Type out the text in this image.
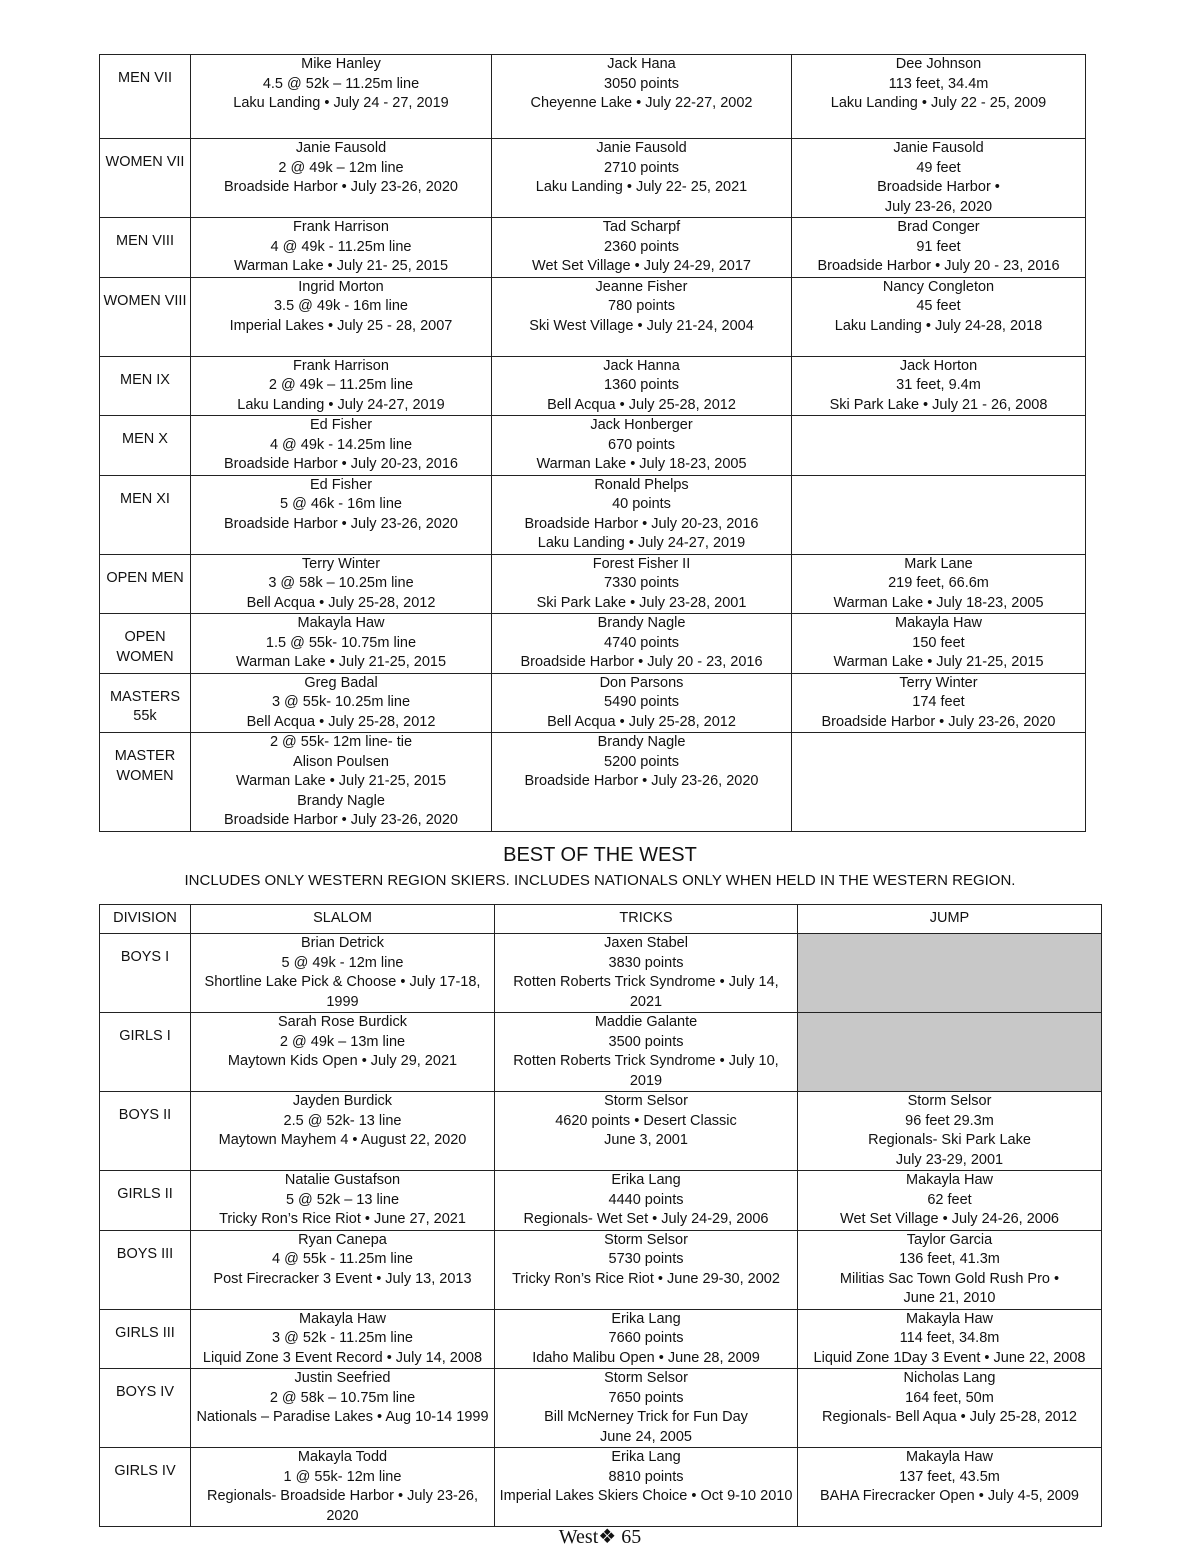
MEN VII	Mike Hanley
4.5 @ 52k – 11.25m line
Laku Landing • July 24 - 27, 2019	Jack Hana
3050 points
Cheyenne Lake • July 22-27, 2002	Dee Johnson
113 feet, 34.4m
Laku Landing • July 22 - 25, 2009
WOMEN VII	Janie Fausold
2 @ 49k – 12m line
Broadside Harbor • July 23-26, 2020	Janie Fausold
2710 points
Laku Landing • July 22- 25, 2021	Janie Fausold
49 feet
Broadside Harbor •
July 23-26, 2020
MEN VIII	Frank Harrison
4 @ 49k - 11.25m line
Warman Lake • July 21- 25, 2015	Tad Scharpf
2360 points
Wet Set Village • July 24-29, 2017	Brad Conger
91 feet
Broadside Harbor • July 20 - 23, 2016
WOMEN VIII	Ingrid Morton
3.5 @ 49k - 16m line
Imperial Lakes • July 25 - 28, 2007	Jeanne Fisher
780 points
Ski West Village • July 21-24, 2004	Nancy Congleton
45 feet
Laku Landing • July 24-28, 2018
MEN IX	Frank Harrison
2 @ 49k – 11.25m line
Laku Landing • July 24-27, 2019	Jack Hanna
1360 points
Bell Acqua • July 25-28, 2012	Jack Horton
31 feet, 9.4m
Ski Park Lake • July 21 - 26, 2008
MEN X	Ed Fisher
4 @ 49k - 14.25m line
Broadside Harbor • July 20-23, 2016	Jack Honberger
670 points
Warman Lake • July 18-23, 2005	
MEN XI	Ed Fisher
5 @ 46k - 16m line
Broadside Harbor • July 23-26, 2020	Ronald Phelps
40 points
Broadside Harbor • July 20-23, 2016
Laku Landing • July 24-27, 2019	
OPEN MEN	Terry Winter
3 @ 58k – 10.25m line
Bell Acqua • July 25-28, 2012	Forest Fisher II
7330 points
Ski Park Lake • July 23-28, 2001	Mark Lane
219 feet, 66.6m
Warman Lake • July 18-23, 2005
OPEN
WOMEN	Makayla Haw
1.5 @ 55k- 10.75m line
Warman Lake • July 21-25, 2015	Brandy Nagle
4740 points
Broadside Harbor • July 20 - 23, 2016	Makayla Haw
150 feet
Warman Lake • July 21-25, 2015
MASTERS 55k	Greg Badal
3 @ 55k- 10.25m line
Bell Acqua • July 25-28, 2012	Don Parsons
5490 points
Bell Acqua • July 25-28, 2012	Terry Winter
174 feet
Broadside Harbor • July 23-26, 2020
MASTER
WOMEN	2 @ 55k- 12m line- tie
Alison Poulsen
Warman Lake • July 21-25, 2015
Brandy Nagle
Broadside Harbor • July 23-26, 2020	Brandy Nagle
5200 points
Broadside Harbor • July 23-26, 2020	
BEST OF THE WEST
INCLUDES ONLY WESTERN REGION SKIERS. INCLUDES NATIONALS ONLY WHEN HELD IN THE WESTERN REGION.
DIVISION	SLALOM	TRICKS	JUMP
BOYS I	Brian Detrick
5 @ 49k - 12m line
Shortline Lake Pick & Choose • July 17-18,
1999	Jaxen Stabel
3830 points
Rotten Roberts Trick Syndrome • July 14, 2021	
GIRLS I	Sarah Rose Burdick
2 @ 49k – 13m line
Maytown Kids Open • July 29, 2021	Maddie Galante
3500 points
Rotten Roberts Trick Syndrome • July 10, 2019	
BOYS II	Jayden Burdick
2.5 @ 52k- 13 line
Maytown Mayhem 4 • August 22, 2020	Storm Selsor
4620 points • Desert Classic
June 3, 2001	Storm Selsor
96 feet 29.3m
Regionals- Ski Park Lake
July 23-29, 2001
GIRLS II	Natalie Gustafson
5 @ 52k – 13 line
Tricky Ron’s Rice Riot • June 27, 2021	Erika Lang
4440 points
Regionals- Wet Set • July 24-29, 2006	Makayla Haw
62 feet
Wet Set Village • July 24-26, 2006
BOYS III	Ryan Canepa
4 @ 55k - 11.25m line
Post Firecracker 3 Event • July 13, 2013	Storm Selsor
5730 points
Tricky Ron’s Rice Riot • June 29-30, 2002	Taylor Garcia
136 feet, 41.3m
Militias Sac Town Gold Rush Pro •
June 21, 2010
GIRLS III	Makayla Haw
3 @ 52k - 11.25m line
Liquid Zone 3 Event Record • July 14, 2008	Erika Lang
7660 points
Idaho Malibu Open • June 28, 2009	Makayla Haw
114 feet, 34.8m
Liquid Zone 1Day 3 Event • June 22, 2008
BOYS IV	Justin Seefried
2 @ 58k – 10.75m line
Nationals – Paradise Lakes • Aug 10-14 1999	Storm Selsor
7650 points
Bill McNerney Trick for Fun Day
June 24, 2005	Nicholas Lang
164 feet, 50m
Regionals- Bell Aqua • July 25-28, 2012
GIRLS IV	Makayla Todd
1 @ 55k- 12m line
Regionals- Broadside Harbor • July 23-26,
2020	Erika Lang
8810 points
Imperial Lakes Skiers Choice • Oct 9-10 2010	Makayla Haw
137 feet, 43.5m
BAHA Firecracker Open • July 4-5, 2009
West❖ 65
